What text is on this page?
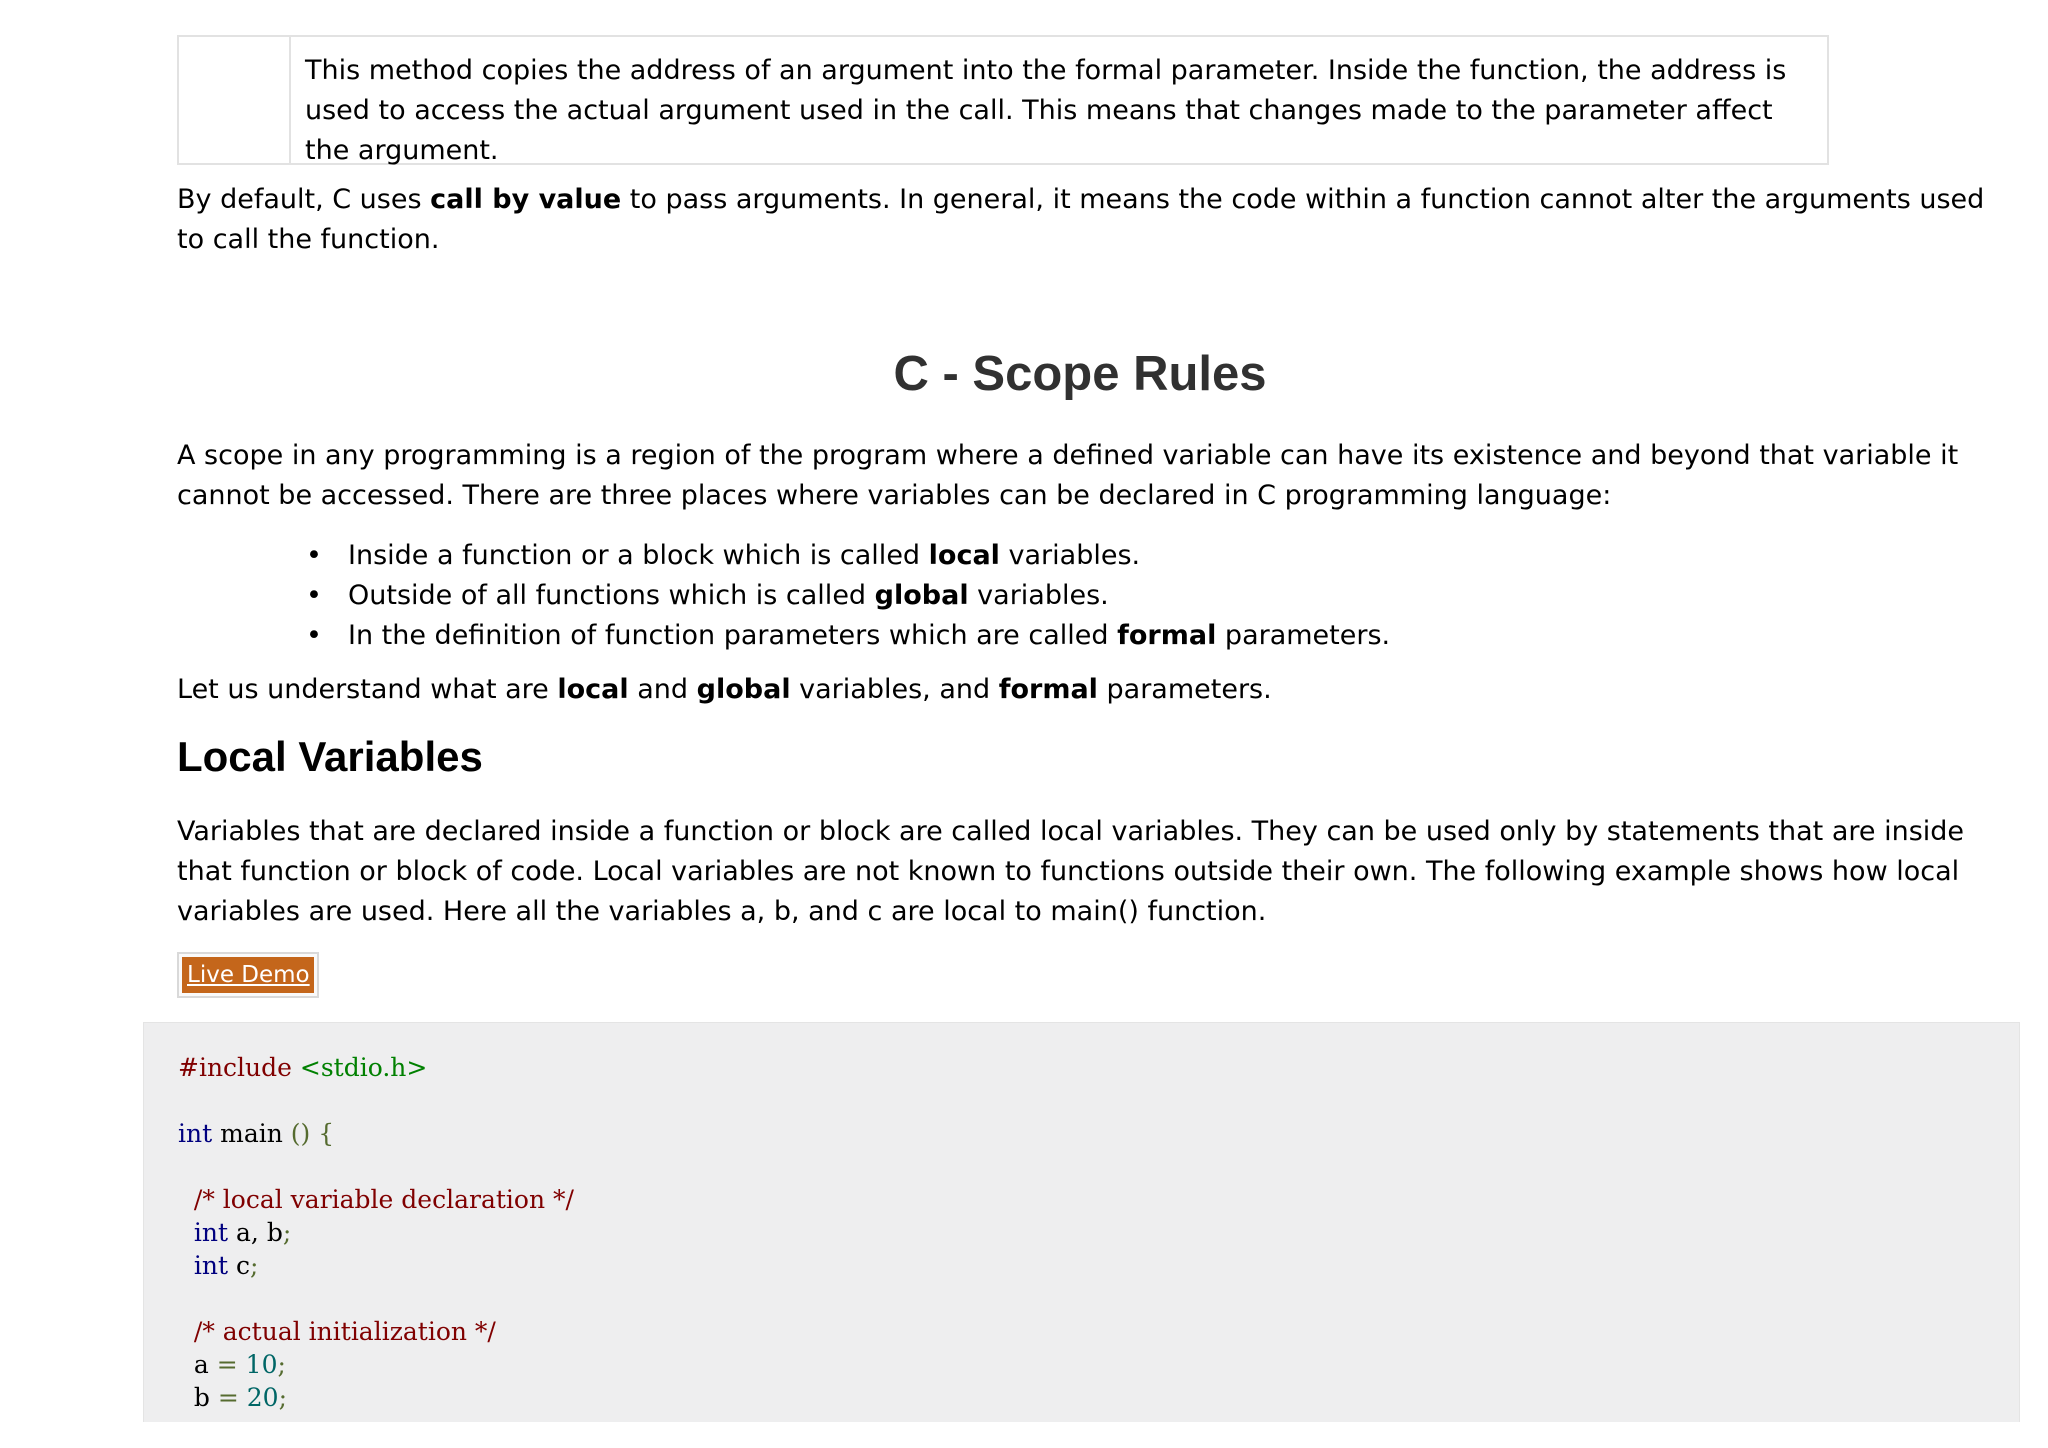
This method copies the address of an argument into the formal parameter. Inside the function, the address is used to access the actual argument used in the call. This means that changes made to the parameter affect the argument.

By default, C uses call by value to pass arguments. In general, it means the code within a function cannot alter the arguments used to call the function.

C - Scope Rules

A scope in any programming is a region of the program where a defined variable can have its existence and beyond that variable it cannot be accessed. There are three places where variables can be declared in C programming language:

• Inside a function or a block which is called local variables.
• Outside of all functions which is called global variables.
• In the definition of function parameters which are called formal parameters.

Let us understand what are local and global variables, and formal parameters.

Local Variables

Variables that are declared inside a function or block are called local variables. They can be used only by statements that are inside that function or block of code. Local variables are not known to functions outside their own. The following example shows how local variables are used. Here all the variables a, b, and c are local to main() function.

Live Demo
#include <stdio.h>

int main () {

/* local variable declaration */
int a, b;
int c;

/* actual initialization */
a = 10;
b = 20;
